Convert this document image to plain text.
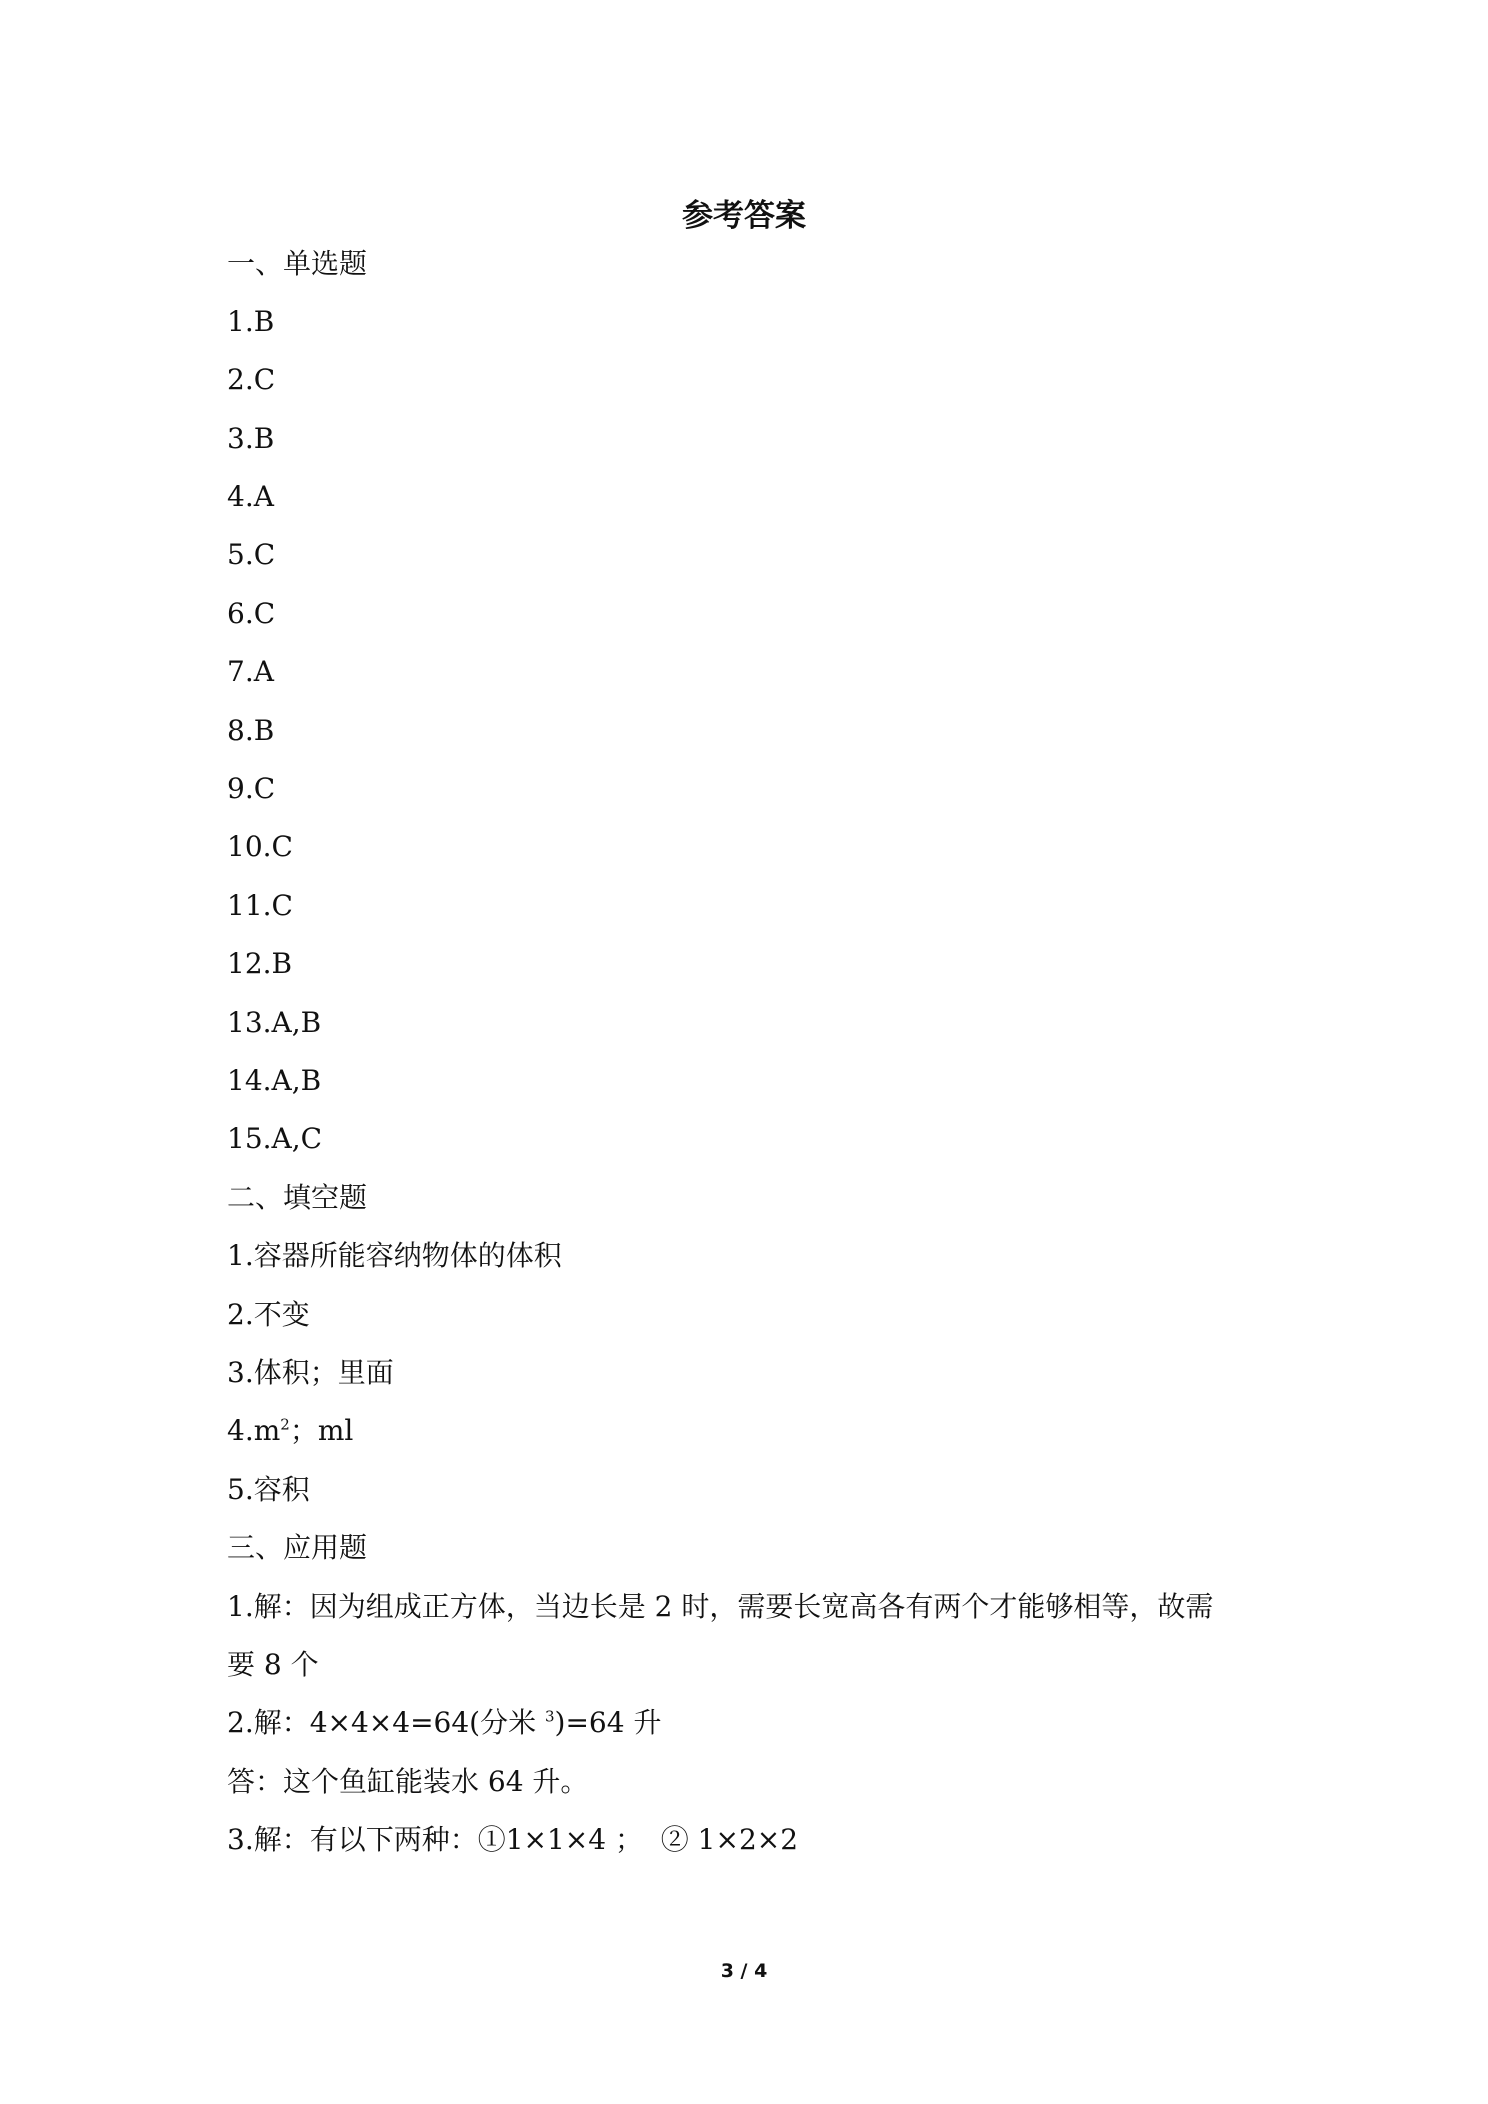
参考答案
一、单选题
1.B
2.C
3.B
4.A
5.C
6.C
7.A
8.B
9.C
10.C
11.C
12.B
13.A,B
14.A,B
15.A,C
二、填空题
1.容器所能容纳物体的体积
2.不变
3.体积；里面
$4.m^2$；ml
5.容积
三、应用题
1.解：因为组成正方体，当边长是 2 时，需要长宽高各有两个才能够相等，故需
要 8 个
2.解：4×4×4=64(分米 $^3$)=64 升
答：这个鱼缸能装水 64 升。
3.解：有以下两种：①1×1×4 ；  ② 1×2×2
3 / 4
